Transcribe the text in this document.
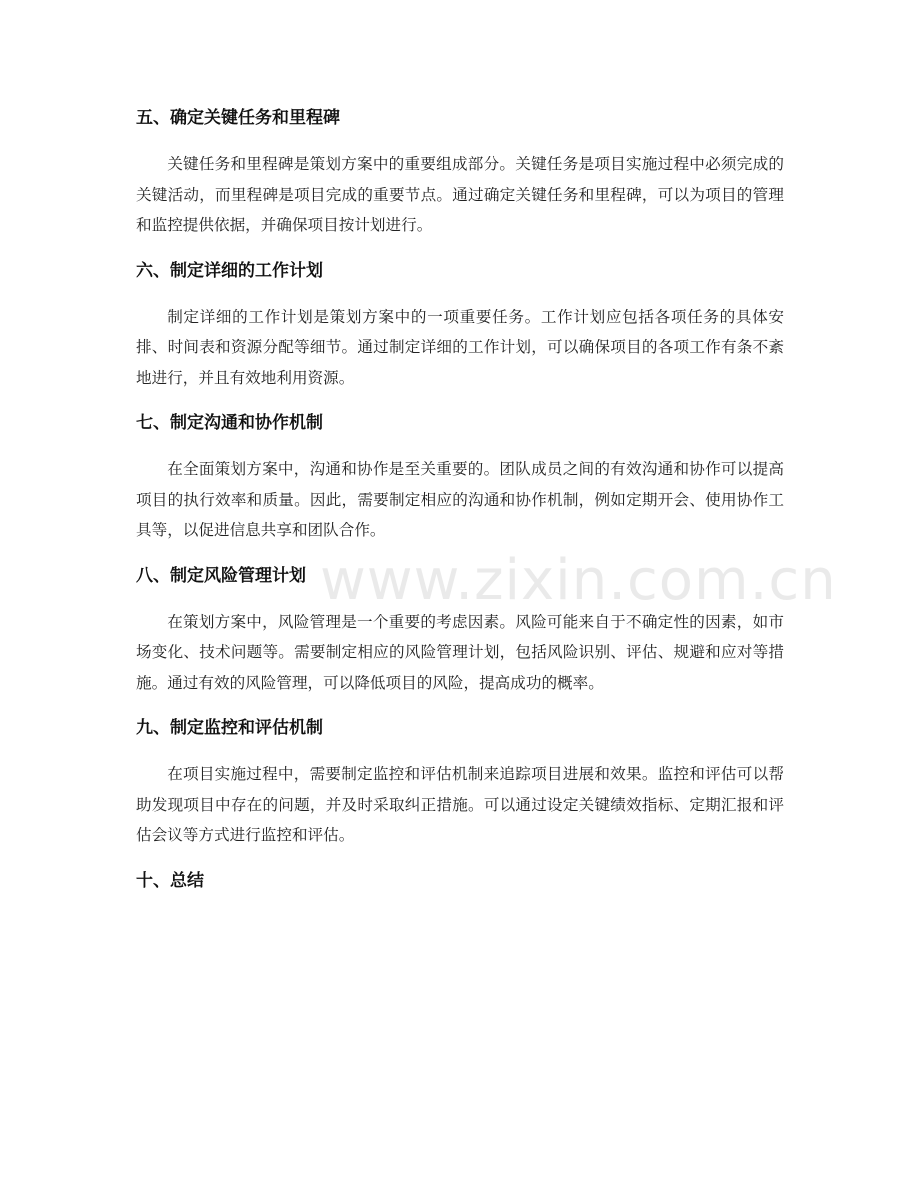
五、确定关键任务和里程碑

关键任务和里程碑是策划方案中的重要组成部分。关键任务是项目实施过程中必须完成的关键活动，而里程碑是项目完成的重要节点。通过确定关键任务和里程碑，可以为项目的管理和监控提供依据，并确保项目按计划进行。

六、制定详细的工作计划

制定详细的工作计划是策划方案中的一项重要任务。工作计划应包括各项任务的具体安排、时间表和资源分配等细节。通过制定详细的工作计划，可以确保项目的各项工作有条不紊地进行，并且有效地利用资源。

七、制定沟通和协作机制

在全面策划方案中，沟通和协作是至关重要的。团队成员之间的有效沟通和协作可以提高项目的执行效率和质量。因此，需要制定相应的沟通和协作机制，例如定期开会、使用协作工具等，以促进信息共享和团队合作。

八、制定风险管理计划

在策划方案中，风险管理是一个重要的考虑因素。风险可能来自于不确定性的因素，如市场变化、技术问题等。需要制定相应的风险管理计划，包括风险识别、评估、规避和应对等措施。通过有效的风险管理，可以降低项目的风险，提高成功的概率。

九、制定监控和评估机制

在项目实施过程中，需要制定监控和评估机制来追踪项目进展和效果。监控和评估可以帮助发现项目中存在的问题，并及时采取纠正措施。可以通过设定关键绩效指标、定期汇报和评估会议等方式进行监控和评估。

十、总结
www.zixin.com.cn
